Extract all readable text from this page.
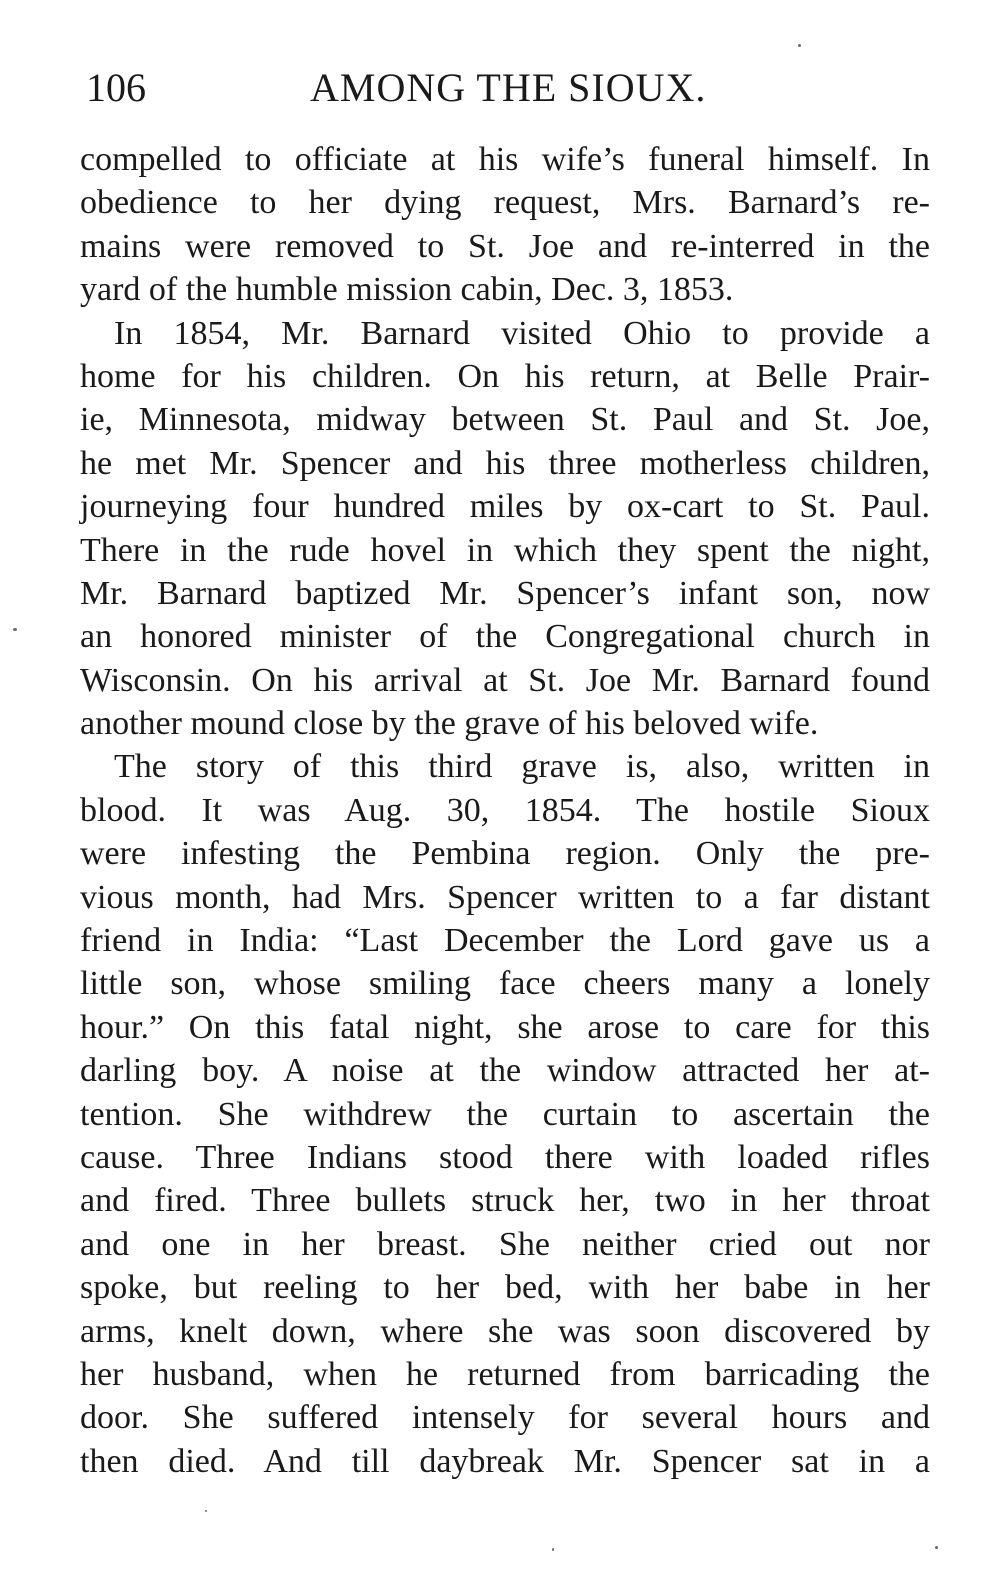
106	AMONG THE SIOUX.
compelled to officiate at his wife’s funeral himself. In
obedience to her dying request, Mrs. Barnard’s re-
mains were removed to St. Joe and re-interred in the
yard of the humble mission cabin, Dec. 3, 1853.
In 1854, Mr. Barnard visited Ohio to provide a
home for his children. On his return, at Belle Prair-
ie, Minnesota, midway between St. Paul and St. Joe,
he met Mr. Spencer and his three motherless children,
journeying four hundred miles by ox-cart to St. Paul.
There in the rude hovel in which they spent the night,
Mr. Barnard baptized Mr. Spencer’s infant son, now
an honored minister of the Congregational church in
Wisconsin. On his arrival at St. Joe Mr. Barnard found
another mound close by the grave of his beloved wife.
The story of this third grave is, also, written in
blood. It was Aug. 30, 1854. The hostile Sioux
were infesting the Pembina region. Only the pre-
vious month, had Mrs. Spencer written to a far distant
friend in India: “Last December the Lord gave us a
little son, whose smiling face cheers many a lonely
hour.” On this fatal night, she arose to care for this
darling boy. A noise at the window attracted her at-
tention. She withdrew the curtain to ascertain the
cause. Three Indians stood there with loaded rifles
and fired. Three bullets struck her, two in her throat
and one in her breast. She neither cried out nor
spoke, but reeling to her bed, with her babe in her
arms, knelt down, where she was soon discovered by
her husband, when he returned from barricading the
door. She suffered intensely for several hours and
then died. And till daybreak Mr. Spencer sat in a
